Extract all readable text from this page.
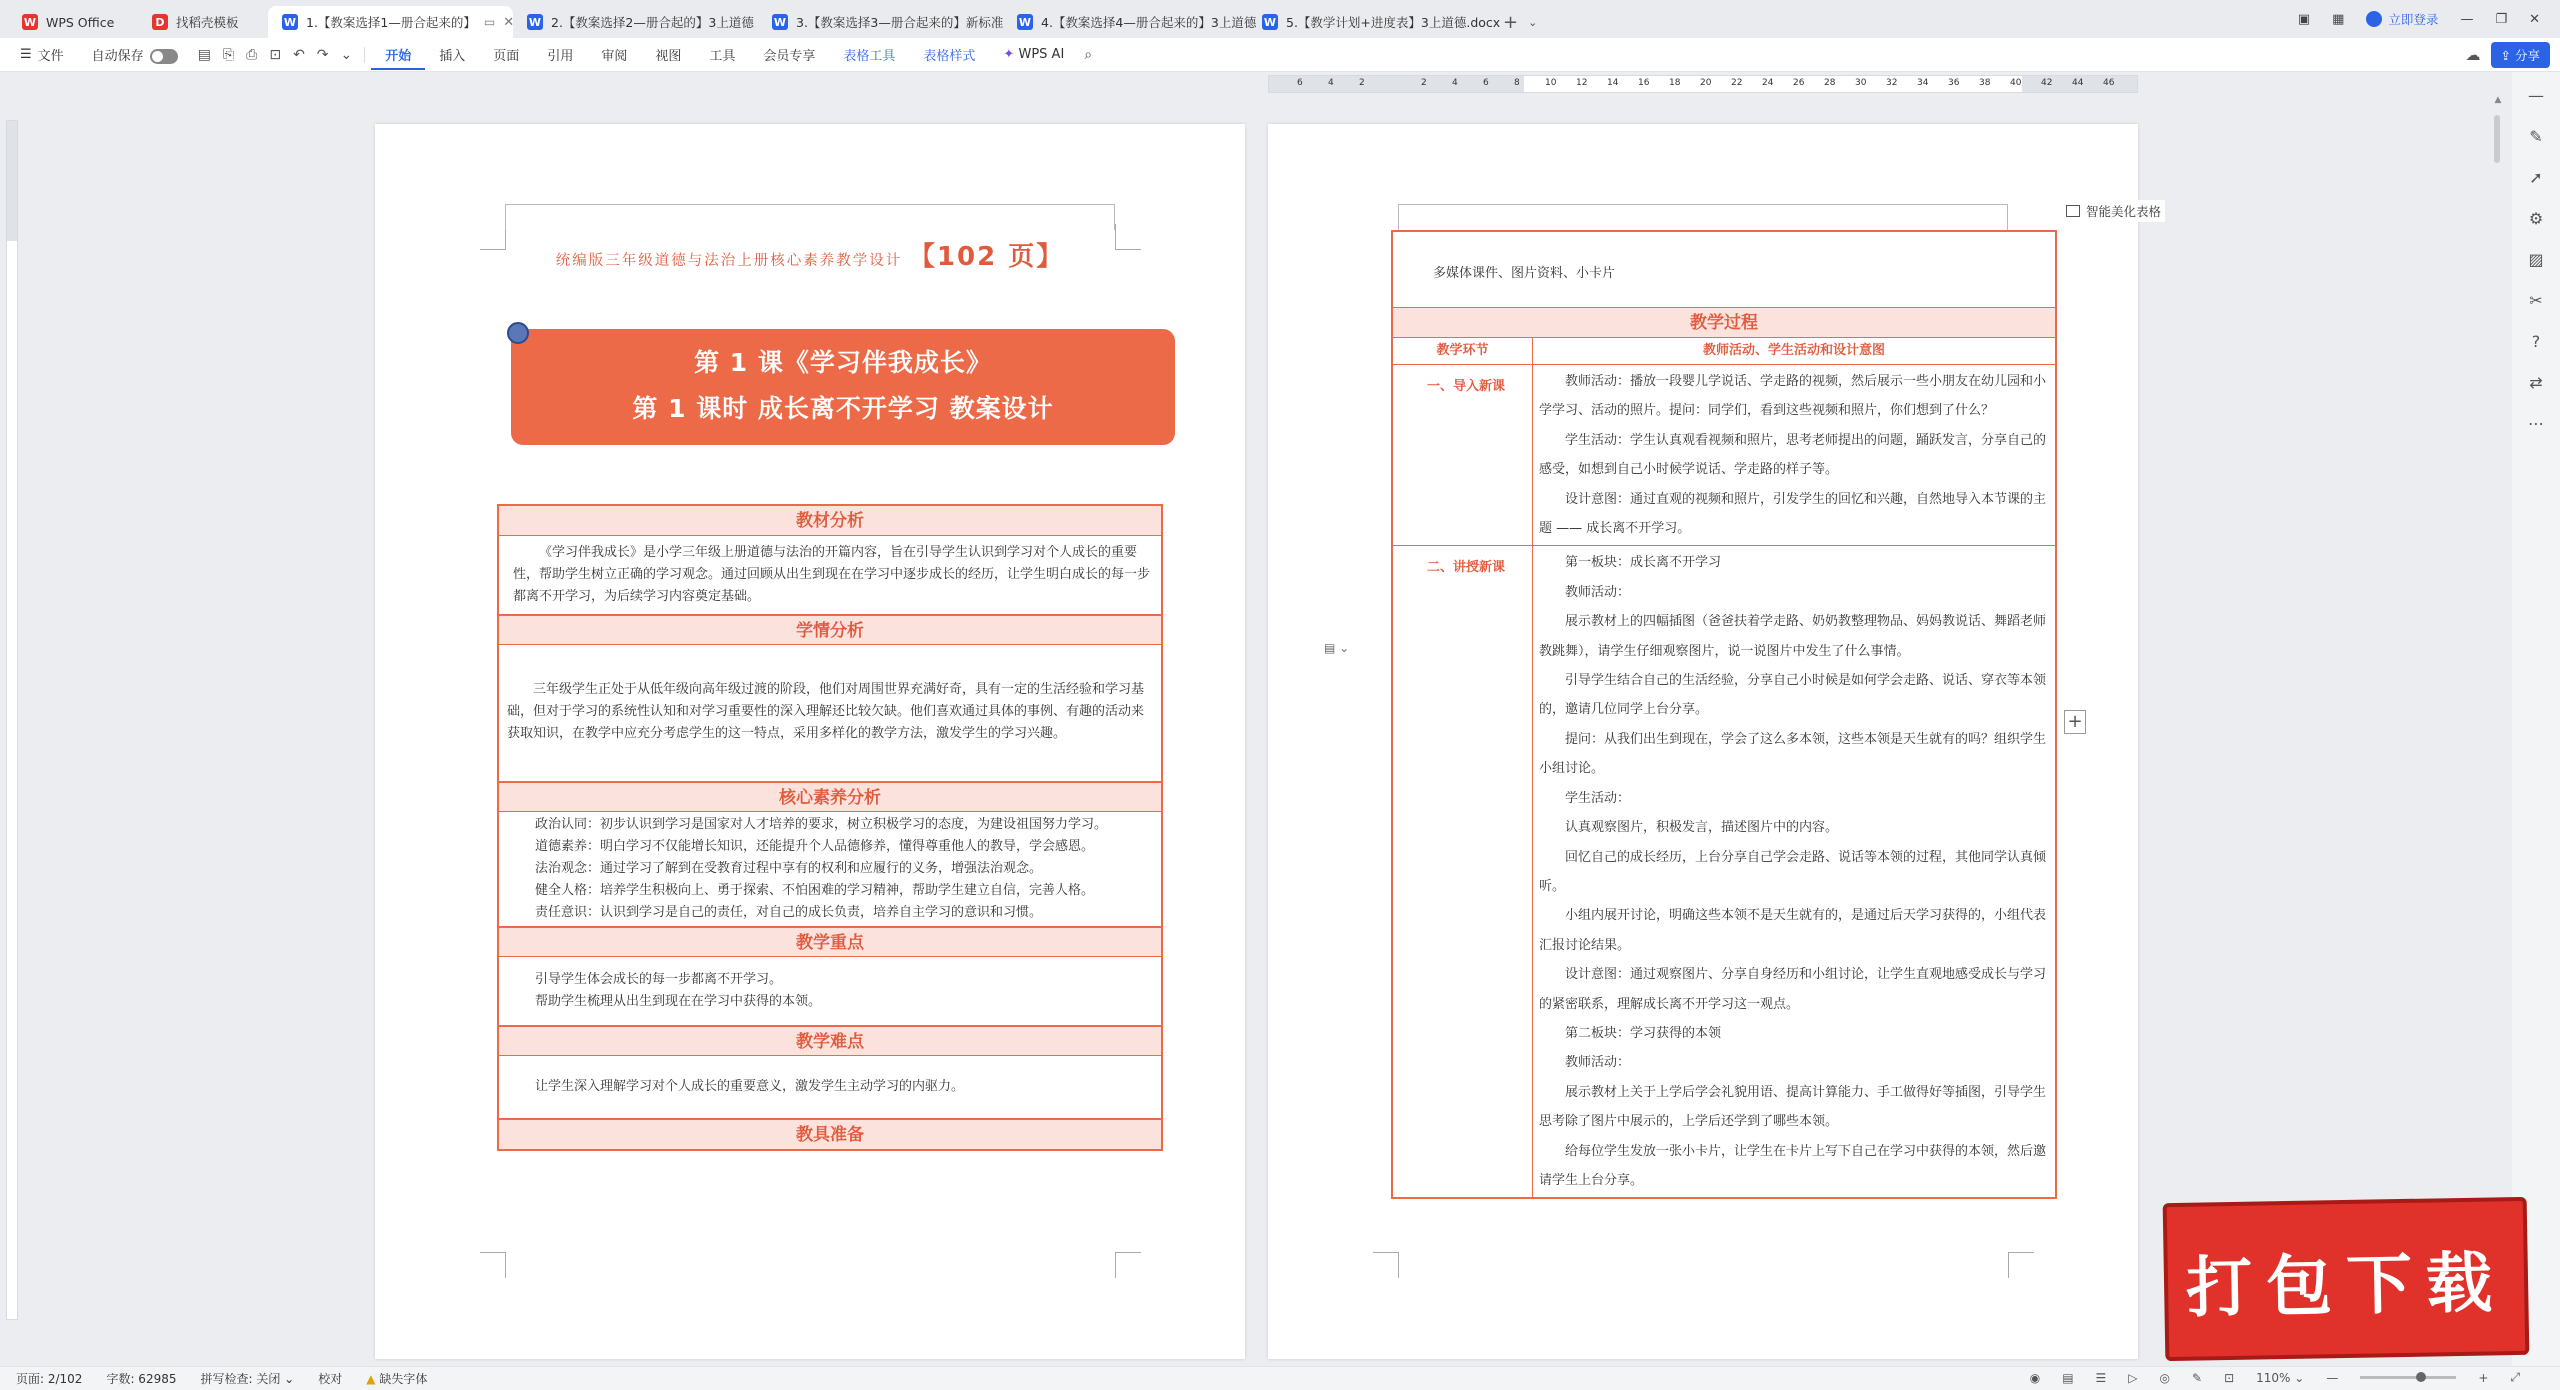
W WPS Office	D 找稻壳模板	W 1.【教案选择1—册合起来的】 ▭ ✕ W 2.【教案选择2—册合起的】3上道德 W 3.【教案选择3—册合起来的】新标准 W 4.【教案选择4—册合起来的】3上道德 W 5.【教学计划+进度表】3上道德.docx + ⌄	▣ ▦	立即登录 — ❐ ✕
☰ 文件	自动保存	▤ ⎘ ⎙ ⊡ ↶ ↷ ⌄	开始	插入	页面	引用	审阅	视图	工具	会员专享	表格工具	表格样式	✦ WPS AI	⌕	☁	⇪ 分享
6	4	2	2	4	6	8	10 12 14 16 18 20 22 24 26 28 30 32 34 36 38 40 42 44 46
统编版三年级道德与法治上册核心素养教学设计 【102 页】
第 1 课《学习伴我成长》
第 1 课时 成长离不开学习 教案设计
教材分析

《学习伴我成长》是小学三年级上册道德与法治的开篇内容，旨在引导学生认识到学习对个人成长的重要性，帮助学生树立正确的学习观念。通过回顾从出生到现在在学习中逐步成长的经历，让学生明白成长的每一步都离不开学习，为后续学习内容奠定基础。

学情分析

三年级学生正处于从低年级向高年级过渡的阶段，他们对周围世界充满好奇，具有一定的生活经验和学习基础，但对于学习的系统性认知和对学习重要性的深入理解还比较欠缺。他们喜欢通过具体的事例、有趣的活动来获取知识，在教学中应充分考虑学生的这一特点，采用多样化的教学方法，激发学生的学习兴趣。

核心素养分析

政治认同：初步认识到学习是国家对人才培养的要求，树立积极学习的态度，为建设祖国努力学习。

道德素养：明白学习不仅能增长知识，还能提升个人品德修养，懂得尊重他人的教导，学会感恩。

法治观念：通过学习了解到在受教育过程中享有的权利和应履行的义务，增强法治观念。

健全人格：培养学生积极向上、勇于探索、不怕困难的学习精神，帮助学生建立自信，完善人格。

责任意识：认识到学习是自己的责任，对自己的成长负责，培养自主学习的意识和习惯。

教学重点

引导学生体会成长的每一步都离不开学习。

帮助学生梳理从出生到现在在学习中获得的本领。

教学难点

让学生深入理解学习对个人成长的重要意义，激发学生主动学习的内驱力。

教具准备
多媒体课件、图片资料、小卡片
教学过程
教学环节	教师活动、学生活动和设计意图
一、导入新课	教师活动：播放一段婴儿学说话、学走路的视频，然后展示一些小朋友在幼儿园和小学学习、活动的照片。提问：同学们，看到这些视频和照片，你们想到了什么？

学生活动：学生认真观看视频和照片，思考老师提出的问题，踊跃发言，分享自己的感受，如想到自己小时候学说话、学走路的样子等。

设计意图：通过直观的视频和照片，引发学生的回忆和兴趣，自然地导入本节课的主题 —— 成长离不开学习。

二、讲授新课	第一板块：成长离不开学习

教师活动：

展示教材上的四幅插图（爸爸扶着学走路、奶奶教整理物品、妈妈教说话、舞蹈老师教跳舞），请学生仔细观察图片，说一说图片中发生了什么事情。

引导学生结合自己的生活经验，分享自己小时候是如何学会走路、说话、穿衣等本领的，邀请几位同学上台分享。

提问：从我们出生到现在，学会了这么多本领，这些本领是天生就有的吗？组织学生小组讨论。

学生活动：

认真观察图片，积极发言，描述图片中的内容。

回忆自己的成长经历，上台分享自己学会走路、说话等本领的过程，其他同学认真倾听。

小组内展开讨论，明确这些本领不是天生就有的，是通过后天学习获得的，小组代表汇报讨论结果。

设计意图：通过观察图片、分享自身经历和小组讨论，让学生直观地感受成长与学习的紧密联系，理解成长离不开学习这一观点。

第二板块：学习获得的本领

教师活动：

展示教材上关于上学后学会礼貌用语、提高计算能力、手工做得好等插图，引导学生思考除了图片中展示的，上学后还学到了哪些本领。

给每位学生发放一张小卡片，让学生在卡片上写下自己在学习中获得的本领，然后邀请学生上台分享。

▤ ⌄
智能美化表格
+
▲ —
✎
➚
⚙
▨
✂
?
⇄
⋯
打包下载
页面: 2/102 字数: 62985 拼写检查: 关闭 ⌄ 校对 ▲ 缺失字体	◉ ▤ ☰ ▷ ◎ ✎ ⊡ 110% ⌄ —	+ ⤢
